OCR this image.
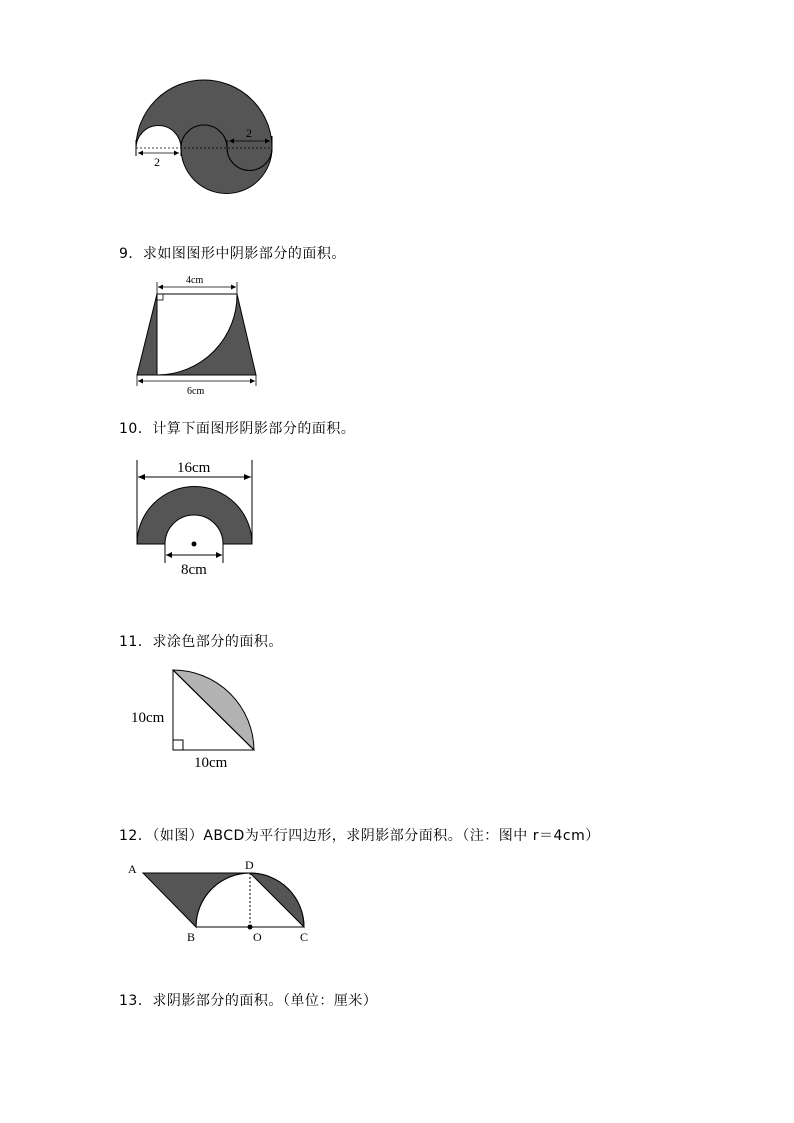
2
2
9．求如图图形中阴影部分的面积。
4cm
6cm
10．计算下面图形阴影部分的面积。
16cm
8cm
11．求涂色部分的面积。
10cm
10cm
12．（如图）ABCD为平行四边形，求阴影部分面积。（注：图中 r＝4cm）
A
B	O	C
D
13．求阴影部分的面积。（单位：厘米）
